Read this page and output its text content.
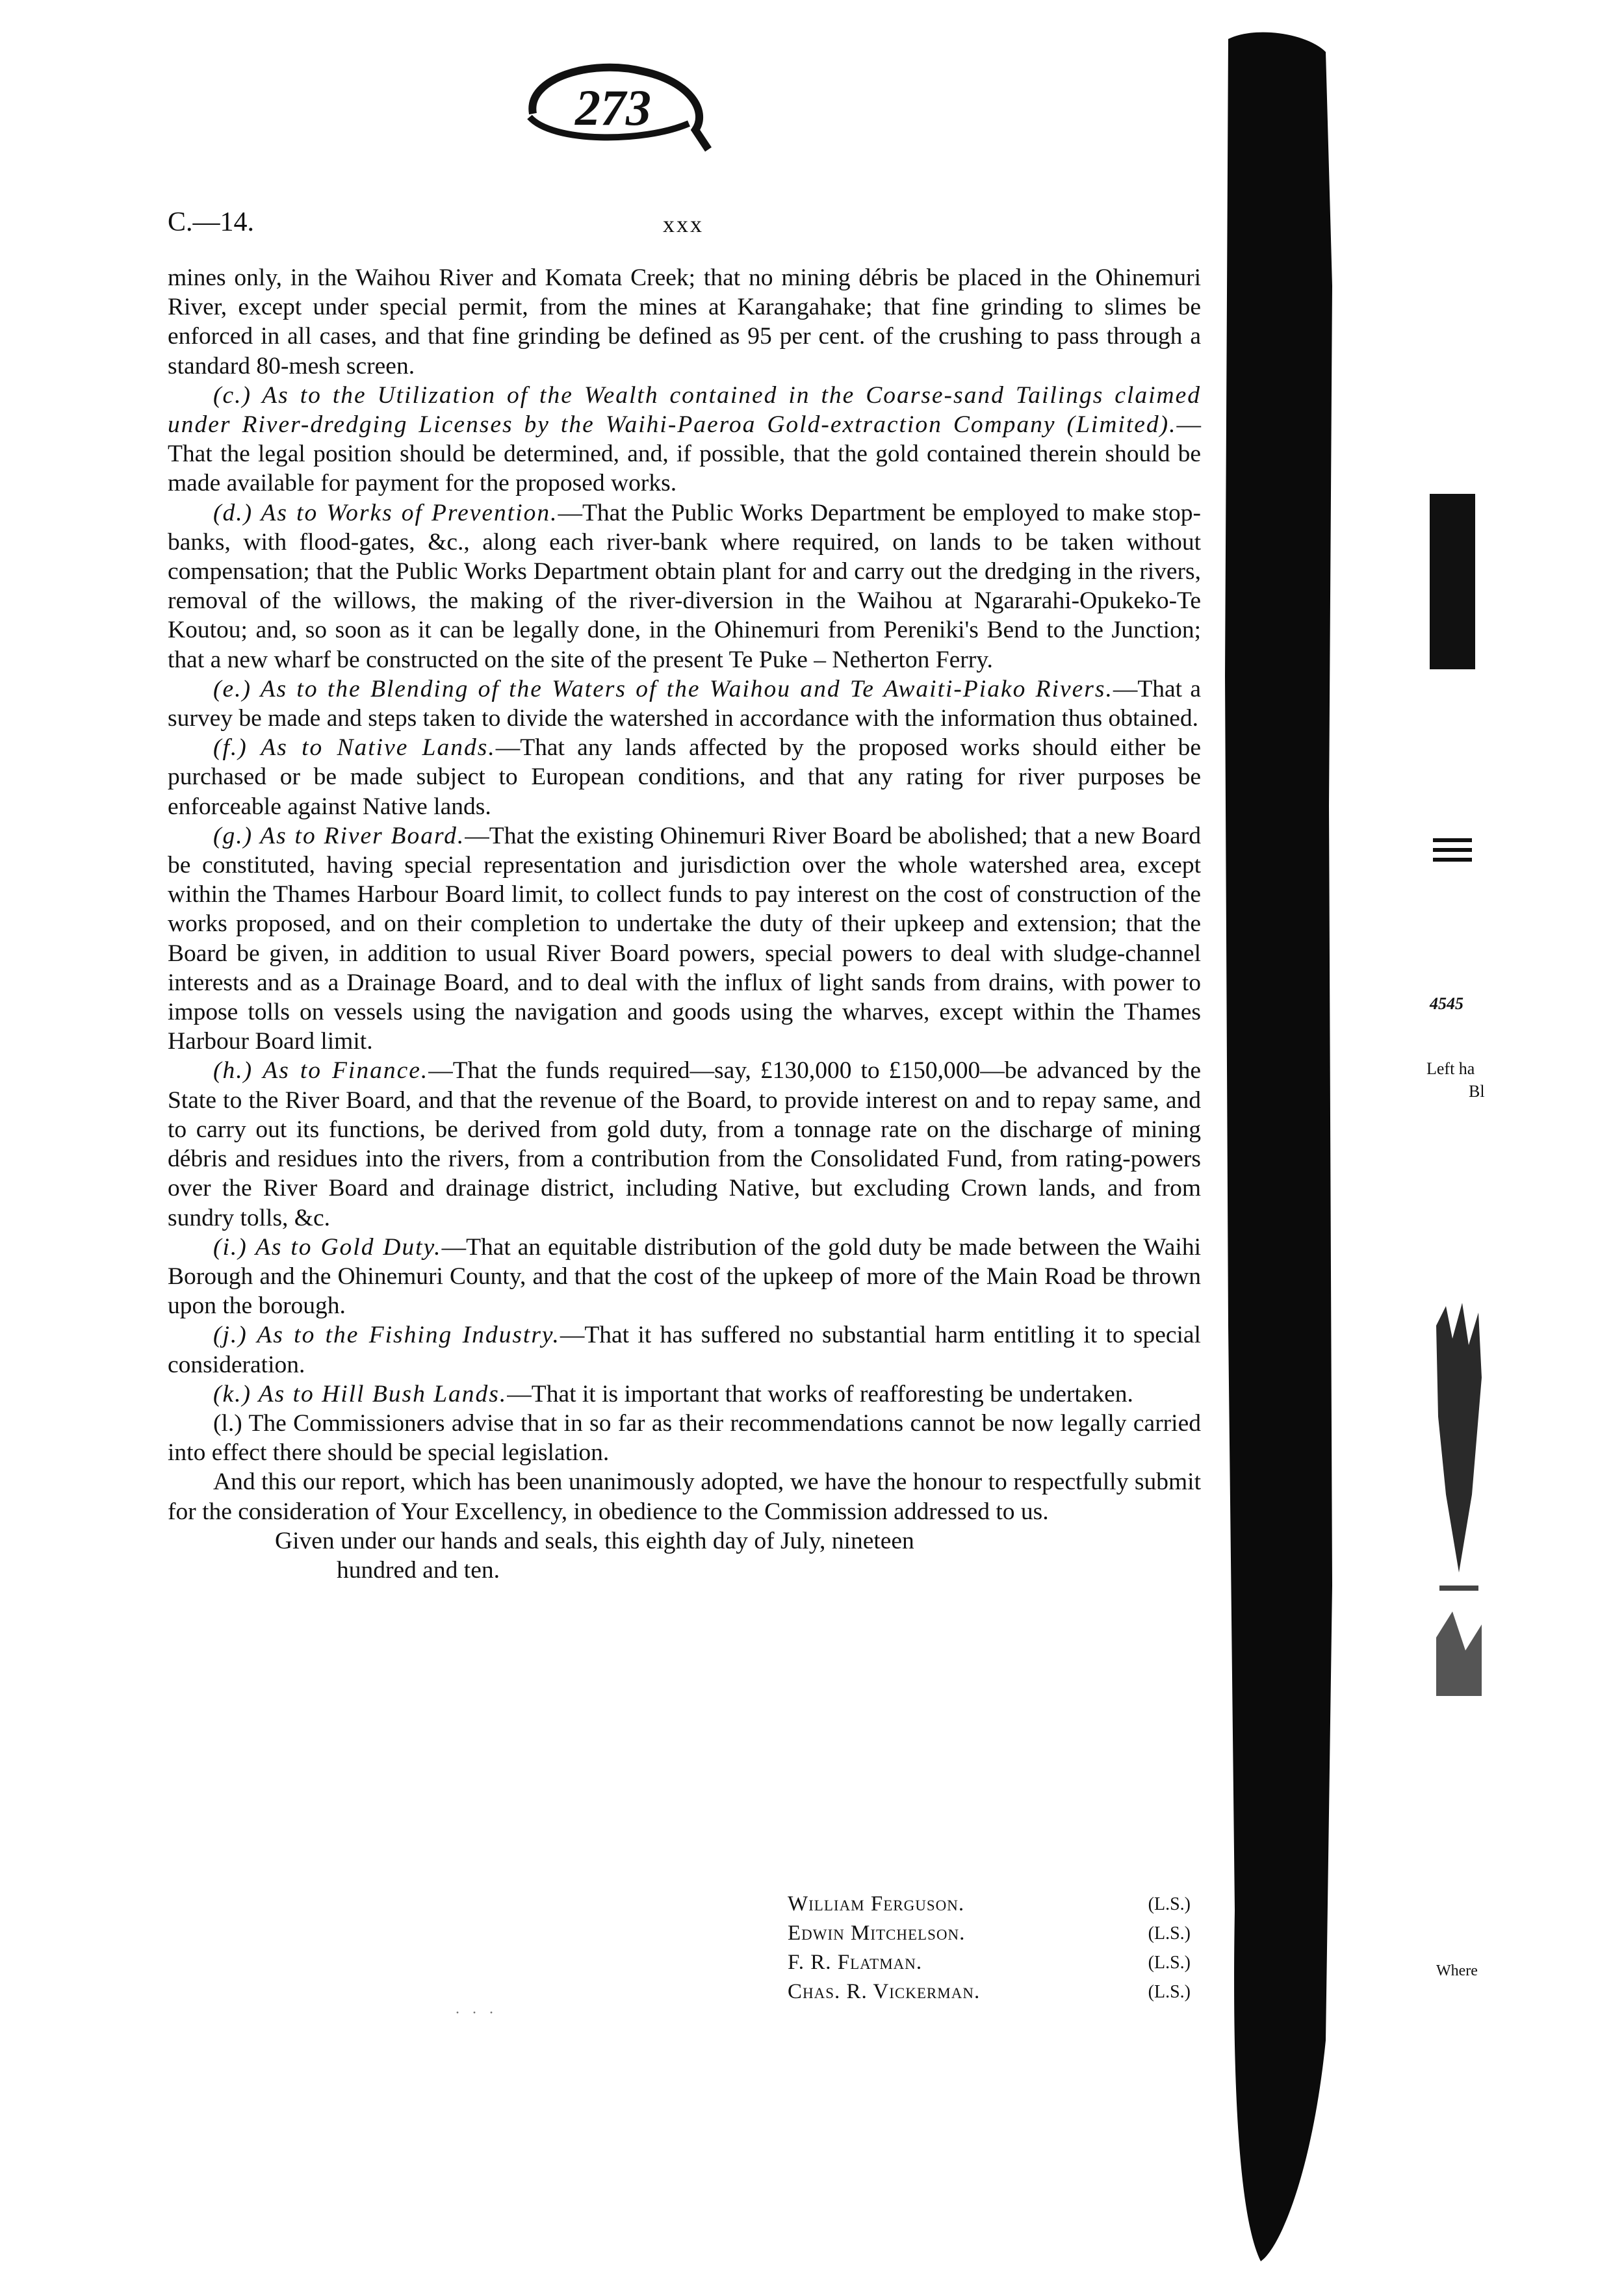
273
C.—14.	xxx

mines only, in the Waihou River and Komata Creek; that no mining débris be placed in the Ohinemuri River, except under special permit, from the mines at Karangahake; that fine grinding to slimes be enforced in all cases, and that fine grinding be defined as 95 per cent. of the crushing to pass through a standard 80-mesh screen.

(c.) As to the Utilization of the Wealth contained in the Coarse-sand Tailings claimed under River-dredging Licenses by the Waihi-Paeroa Gold-extraction Company (Limited).—That the legal position should be determined, and, if possible, that the gold contained therein should be made available for payment for the proposed works.

(d.) As to Works of Prevention.—That the Public Works Department be employed to make stop-banks, with flood-gates, &c., along each river-bank where required, on lands to be taken without compensation; that the Public Works Department obtain plant for and carry out the dredging in the rivers, removal of the willows, the making of the river-diversion in the Waihou at Ngararahi-Opukeko-Te Koutou; and, so soon as it can be legally done, in the Ohinemuri from Pereniki's Bend to the Junction; that a new wharf be constructed on the site of the present Te Puke – Netherton Ferry.

(e.) As to the Blending of the Waters of the Waihou and Te Awaiti-Piako Rivers.—That a survey be made and steps taken to divide the watershed in accordance with the information thus obtained.

(f.) As to Native Lands.—That any lands affected by the proposed works should either be purchased or be made subject to European conditions, and that any rating for river purposes be enforceable against Native lands.

(g.) As to River Board.—That the existing Ohinemuri River Board be abolished; that a new Board be constituted, having special representation and jurisdiction over the whole watershed area, except within the Thames Harbour Board limit, to collect funds to pay interest on the cost of construction of the works proposed, and on their completion to undertake the duty of their upkeep and extension; that the Board be given, in addition to usual River Board powers, special powers to deal with sludge-channel interests and as a Drainage Board, and to deal with the influx of light sands from drains, with power to impose tolls on vessels using the navigation and goods using the wharves, except within the Thames Harbour Board limit.

(h.) As to Finance.—That the funds required—say, £130,000 to £150,000—be advanced by the State to the River Board, and that the revenue of the Board, to provide interest on and to repay same, and to carry out its functions, be derived from gold duty, from a tonnage rate on the discharge of mining débris and residues into the rivers, from a contribution from the Consolidated Fund, from rating-powers over the River Board and drainage district, including Native, but excluding Crown lands, and from sundry tolls, &c.

(i.) As to Gold Duty.—That an equitable distribution of the gold duty be made between the Waihi Borough and the Ohinemuri County, and that the cost of the upkeep of more of the Main Road be thrown upon the borough.

(j.) As to the Fishing Industry.—That it has suffered no substantial harm entitling it to special consideration.

(k.) As to Hill Bush Lands.—That it is important that works of reafforesting be undertaken.

(l.) The Commissioners advise that in so far as their recommendations cannot be now legally carried into effect there should be special legislation.

And this our report, which has been unanimously adopted, we have the honour to respectfully submit for the consideration of Your Excellency, in obedience to the Commission addressed to us.

Given under our hands and seals, this eighth day of July, nineteen

hundred and ten.

William Ferguson.	(L.S.)
Edwin Mitchelson.	(L.S.)
F. R. Flatman.	(L.S.)
Chas. R. Vickerman.	(L.S.)
· · ·
4545
Left ha
Bl
Where
